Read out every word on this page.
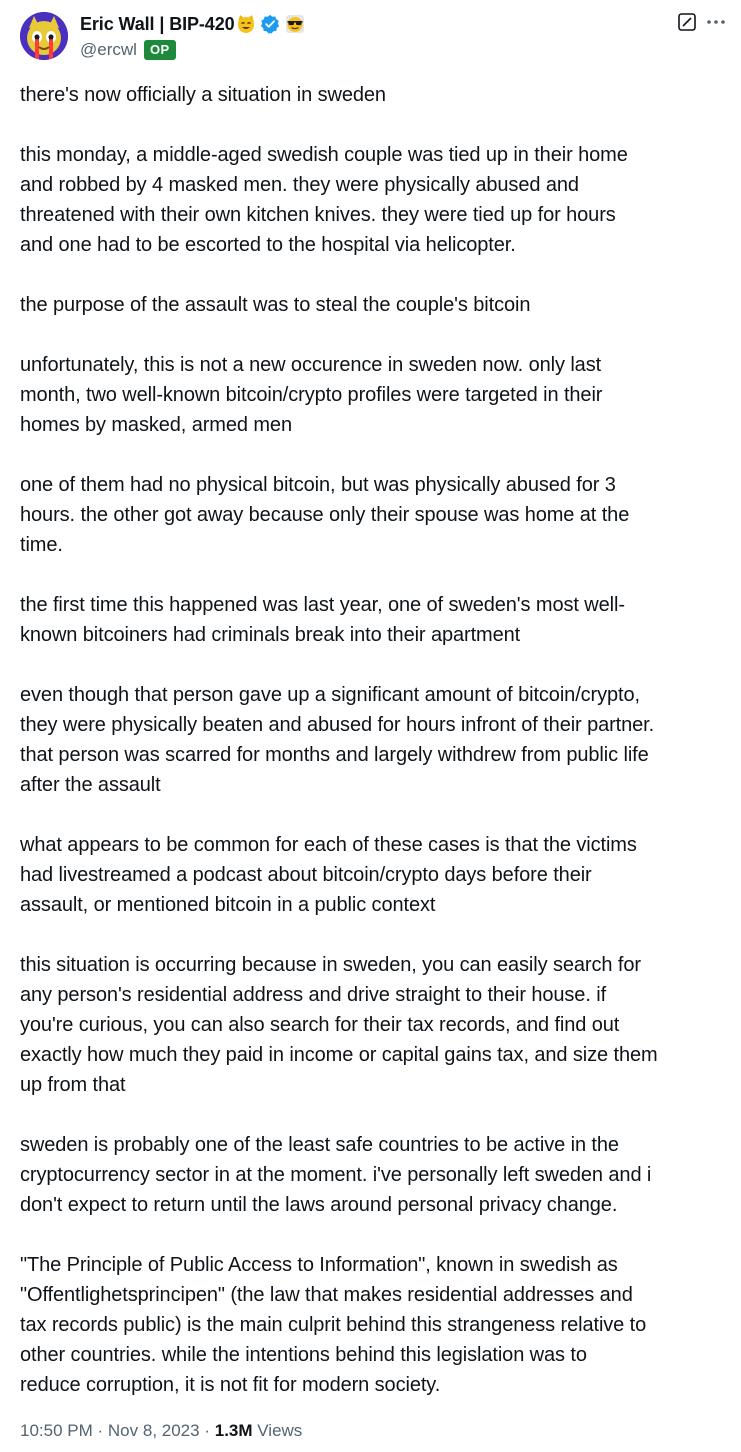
Eric Wall | BIP-420
@ercwl	OP

there's now officially a situation in sweden

this monday, a middle-aged swedish couple was tied up in their home
and robbed by 4 masked men. they were physically abused and
threatened with their own kitchen knives. they were tied up for hours
and one had to be escorted to the hospital via helicopter.

the purpose of the assault was to steal the couple's bitcoin

unfortunately, this is not a new occurence in sweden now. only last
month, two well-known bitcoin/crypto profiles were targeted in their
homes by masked, armed men

one of them had no physical bitcoin, but was physically abused for 3
hours. the other got away because only their spouse was home at the
time.

the first time this happened was last year, one of sweden's most well-
known bitcoiners had criminals break into their apartment

even though that person gave up a significant amount of bitcoin/crypto,
they were physically beaten and abused for hours infront of their partner.
that person was scarred for months and largely withdrew from public life
after the assault

what appears to be common for each of these cases is that the victims
had livestreamed a podcast about bitcoin/crypto days before their
assault, or mentioned bitcoin in a public context

this situation is occurring because in sweden, you can easily search for
any person's residential address and drive straight to their house. if
you're curious, you can also search for their tax records, and find out
exactly how much they paid in income or capital gains tax, and size them
up from that

sweden is probably one of the least safe countries to be active in the
cryptocurrency sector in at the moment. i've personally left sweden and i
don't expect to return until the laws around personal privacy change.

"The Principle of Public Access to Information", known in swedish as
"Offentlighetsprincipen" (the law that makes residential addresses and
tax records public) is the main culprit behind this strangeness relative to
other countries. while the intentions behind this legislation was to
reduce corruption, it is not fit for modern society.

10:50 PM · Nov 8, 2023 · 1.3M Views
